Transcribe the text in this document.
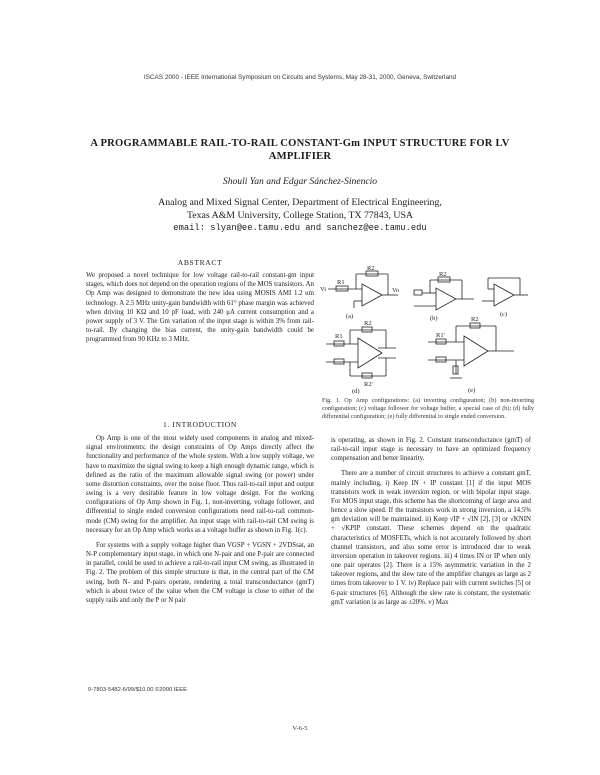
ISCAS 2000 - IEEE International Symposium on Circuits and Systems, May 28-31, 2000, Geneva, Switzerland
A PROGRAMMABLE RAIL-TO-RAIL CONSTANT-Gm INPUT STRUCTURE FOR LV AMPLIFIER
Shouli Yan and Edgar Sánchez-Sinencio
Analog and Mixed Signal Center, Department of Electrical Engineering,
Texas A&M University, College Station, TX 77843, USA
email: slyan@ee.tamu.edu and sanchez@ee.tamu.edu
ABSTRACT

We proposed a novel technique for low voltage rail-to-rail constant-gm input stages, which does not depend on the operation regions of the MOS transistors. An Op Amp was designed to demonstrate the new idea using MOSIS AMI 1.2 um technology. A 2.5 MHz unity-gain bandwidth with 61° phase margin was achieved when driving 10 KΩ and 10 pF load, with 240 μA current consumption and a power supply of 3 V. The Gm variation of the input stage is within 3% from rail-to-rail. By changing the bias current, the unity-gain bandwidth could be programmed from 90 KHz to 3 MHz.

1. INTRODUCTION

Op Amp is one of the most widely used components in analog and mixed-signal environments; the design constraints of Op Amps directly affect the functionality and performance of the whole system. With a low supply voltage, we have to maximize the signal swing to keep a high enough dynamic range, which is defined as the ratio of the maximum allowable signal swing (or power) under some distortion constraints, over the noise floor. Thus rail-to-rail input and output swing is a very desirable feature in low voltage design. For the working configurations of Op Amp shown in Fig. 1, non-inverting, voltage follower, and differential to single ended conversion configurations need rail-to-rail common-mode (CM) swing for the amplifier. An input stage with rail-to-rail CM swing is necessary for an Op Amp which works as a voltage buffer as shown in Fig. 1(c).

For systems with a supply voltage higher than VGSP + VGSN + 2VDSsat, an N-P complementary input stage, in which one N-pair and one P-pair are connected in parallel, could be used to achieve a rail-to-rail input CM swing, as illustrated in Fig. 2. The problem of this simple structure is that, in the central part of the CM swing, both N- and P-pairs operate, rendering a total transconductance (gmT) which is about twice of the value when the CM voltage is close to either of the supply rails and only the P or N pair

R2
R1
Vi	Vo
R2
R2
R1
R2'
R1'
R2
(a)	(b)
(c)
(d)	(e)
Fig. 1. Op Amp configurations: (a) inverting configuration; (b) non-inverting configuration; (c) voltage follower for voltage buffer, a special case of (b); (d) fully differential configuration; (e) fully differential to single ended conversion.

is operating, as shown in Fig. 2. Constant transconductance (gmT) of rail-to-rail input stage is necessary to have an optimized frequency compensation and better linearity.

There are a number of circuit structures to achieve a constant gmT, mainly including, i) Keep IN + IP constant [1] if the input MOS transistors work in weak inversion region, or with bipolar input stage. For MOS input stage, this scheme has the shortcoming of large area and hence a slow speed. If the transistors work in strong inversion, a 14.5% gm deviation will be maintained. ii) Keep √IP + √IN [2], [3] or √KNIN + √KPIP constant. These schemes depend on the quadratic characteristics of MOSFETs, which is not accurately followed by short channel transistors, and also some error is introduced due to weak inversion operation in takeover regions. iii) 4 times IN or IP when only one pair operates [2]. There is a 15% asymmetric variation in the 2 takeover regions, and the slew rate of the amplifier changes as large as 2 times from takeover to 1 V. iv) Replace pair with current switches [5] or 6-pair structures [6]. Although the slew rate is constant, the systematic gmT variation is as large as ±20%. v) Max

0-7803-5482-6/99/$10.00 ©2000 IEEE
V-6-5
